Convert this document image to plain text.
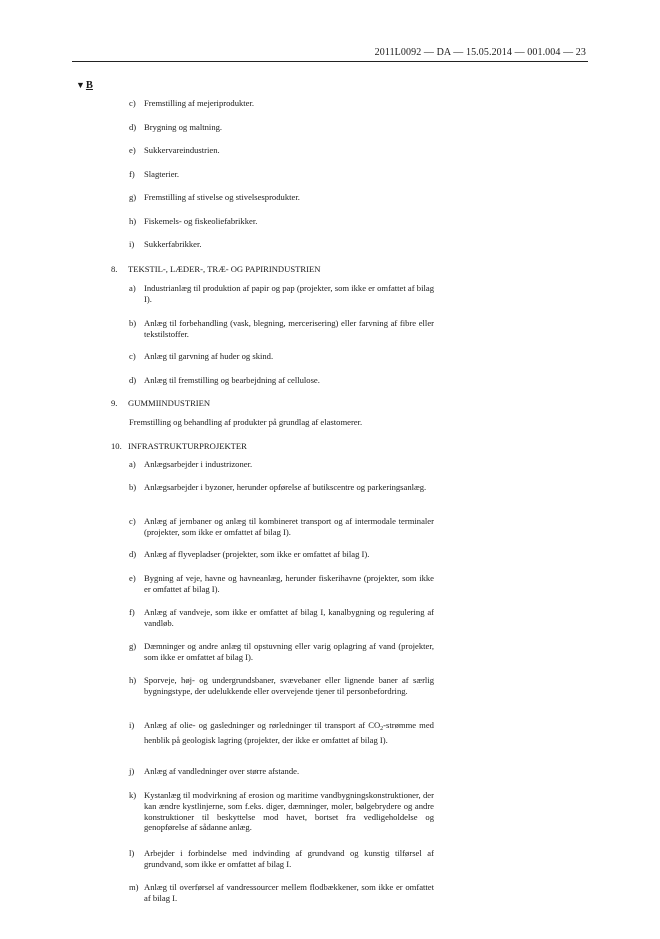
2011L0092 — DA — 15.05.2014 — 001.004 — 23
▼B
c) Fremstilling af mejeriprodukter.
d) Brygning og maltning.
e) Sukkervareindustrien.
f)	Slagterier.
g) Fremstilling af stivelse og stivelsesprodukter.
h) Fiskemels- og fiskeoliefabrikker.
i)	Sukkerfabrikker.
8.	TEKSTIL-, LÆDER-, TRÆ- OG PAPIRINDUSTRIEN
a) Industrianlæg til produktion af papir og pap (projekter, som ikke er omfattet af bilag I).
b) Anlæg til forbehandling (vask, blegning, mercerisering) eller farvning af fibre eller tekstilstoffer.
c) Anlæg til garvning af huder og skind.
d) Anlæg til fremstilling og bearbejdning af cellulose.
9.	GUMMIINDUSTRIEN
Fremstilling og behandling af produkter på grundlag af elastomerer.
10. INFRASTRUKTURPROJEKTER
a) Anlægsarbejder i industrizoner.
b) Anlægsarbejder i byzoner, herunder opførelse af butikscentre og parkeringsanlæg.
c) Anlæg af jernbaner og anlæg til kombineret transport og af intermodale terminaler (projekter, som ikke er omfattet af bilag I).
d) Anlæg af flyvepladser (projekter, som ikke er omfattet af bilag I).
e) Bygning af veje, havne og havneanlæg, herunder fiskerihavne (projekter, som ikke er omfattet af bilag I).
f)	Anlæg af vandveje, som ikke er omfattet af bilag I, kanalbygning og regulering af vandløb.
g) Dæmninger og andre anlæg til opstuvning eller varig oplagring af vand (projekter, som ikke er omfattet af bilag I).
h) Sporveje, høj- og undergrundsbaner, svævebaner eller lignende baner af særlig bygningstype, der udelukkende eller overvejende tjener til personbefordring.
i)	Anlæg af olie- og gasledninger og rørledninger til transport af $CO_2$-strømme med henblik på geologisk lagring (projekter, der ikke er omfattet af bilag I).
j)	Anlæg af vandledninger over større afstande.
k) Kystanlæg til modvirkning af erosion og maritime vandbygningskonstruktioner, der kan ændre kystlinjerne, som f.eks. diger, dæmninger, moler, bølgebrydere og andre konstruktioner til beskyttelse mod havet, bortset fra vedligeholdelse og genopførelse af sådanne anlæg.
l)	Arbejder i forbindelse med indvinding af grundvand og kunstig tilførsel af grundvand, som ikke er omfattet af bilag I.
m) Anlæg til overførsel af vandressourcer mellem flodbækkener, som ikke er omfattet af bilag I.
